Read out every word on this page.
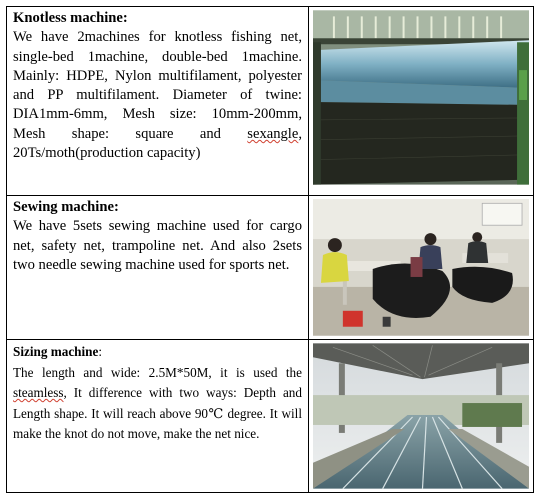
Knotless machine:
We have 2machines for knotless fishing net, single-bed 1machine, double-bed 1machine. Mainly: HDPE, Nylon multifilament, polyester and PP multifilament. Diameter of twine: DIA1mm-6mm, Mesh size: 10mm-200mm, Mesh shape: square and sexangle, 20Ts/moth(production capacity)

Sewing machine:
We have 5sets sewing machine used for cargo net, safety net, trampoline net. And also 2sets two needle sewing machine used for sports net.

Sizing machine:
The length and wide: 2.5M*50M, it is used the steamless, It difference with two ways: Depth and Length shape. It will reach above 90℃ degree. It will make the knot do not move, make the net nice.
